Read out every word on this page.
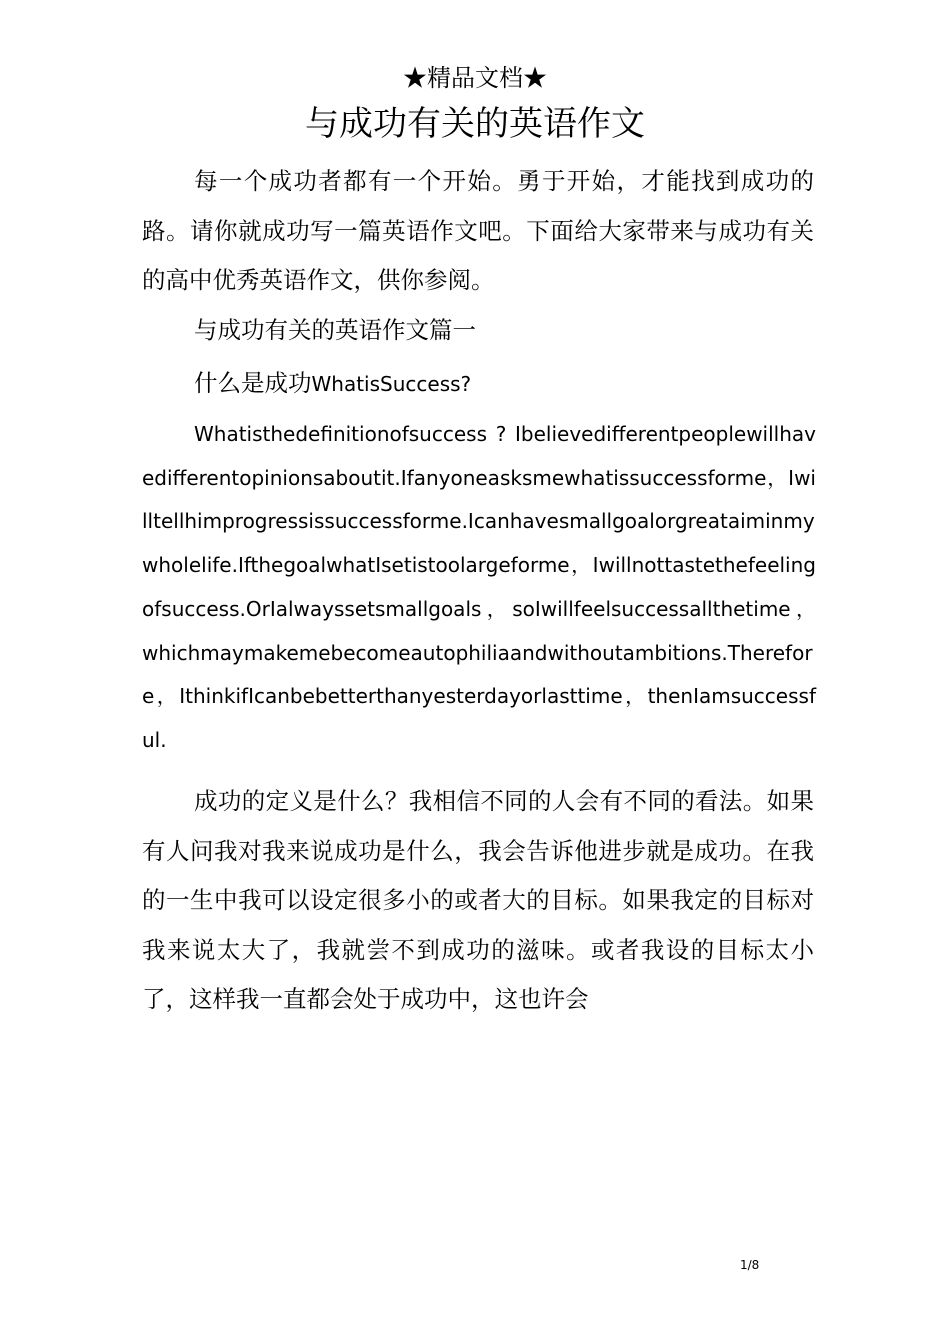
★精品文档★
与成功有关的英语作文

每一个成功者都有一个开始。勇于开始，才能找到成功的路。请你就成功写一篇英语作文吧。下面给大家带来与成功有关的高中优秀英语作文，供你参阅。

与成功有关的英语作文篇一
什么是成功WhatisSuccess?

Whatisthedefinitionofsuccess ? Ibelievedifferentpeoplewillhavedifferentopinionsaboutit.Ifanyoneasksmewhatissuccessforme，Iwilltellhimprogressissuccessforme.Icanhavesmallgoalorgreataiminmywholelife.IfthegoalwhatIsetistoolargeforme，Iwillnottastethefeelingofsuccess.OrIalwayssetsmallgoals，soIwillfeelsuccessallthetime，whichmaymakemebecomeautophiliaandwithoutambitions.Therefore，IthinkifIcanbebetterthanyesterdayorlasttime，thenIamsuccessful.

成功的定义是什么？我相信不同的人会有不同的看法。如果有人问我对我来说成功是什么，我会告诉他进步就是成功。在我的一生中我可以设定很多小的或者大的目标。如果我定的目标对我来说太大了，我就尝不到成功的滋味。或者我设的目标太小了，这样我一直都会处于成功中，这也许会

1/8
